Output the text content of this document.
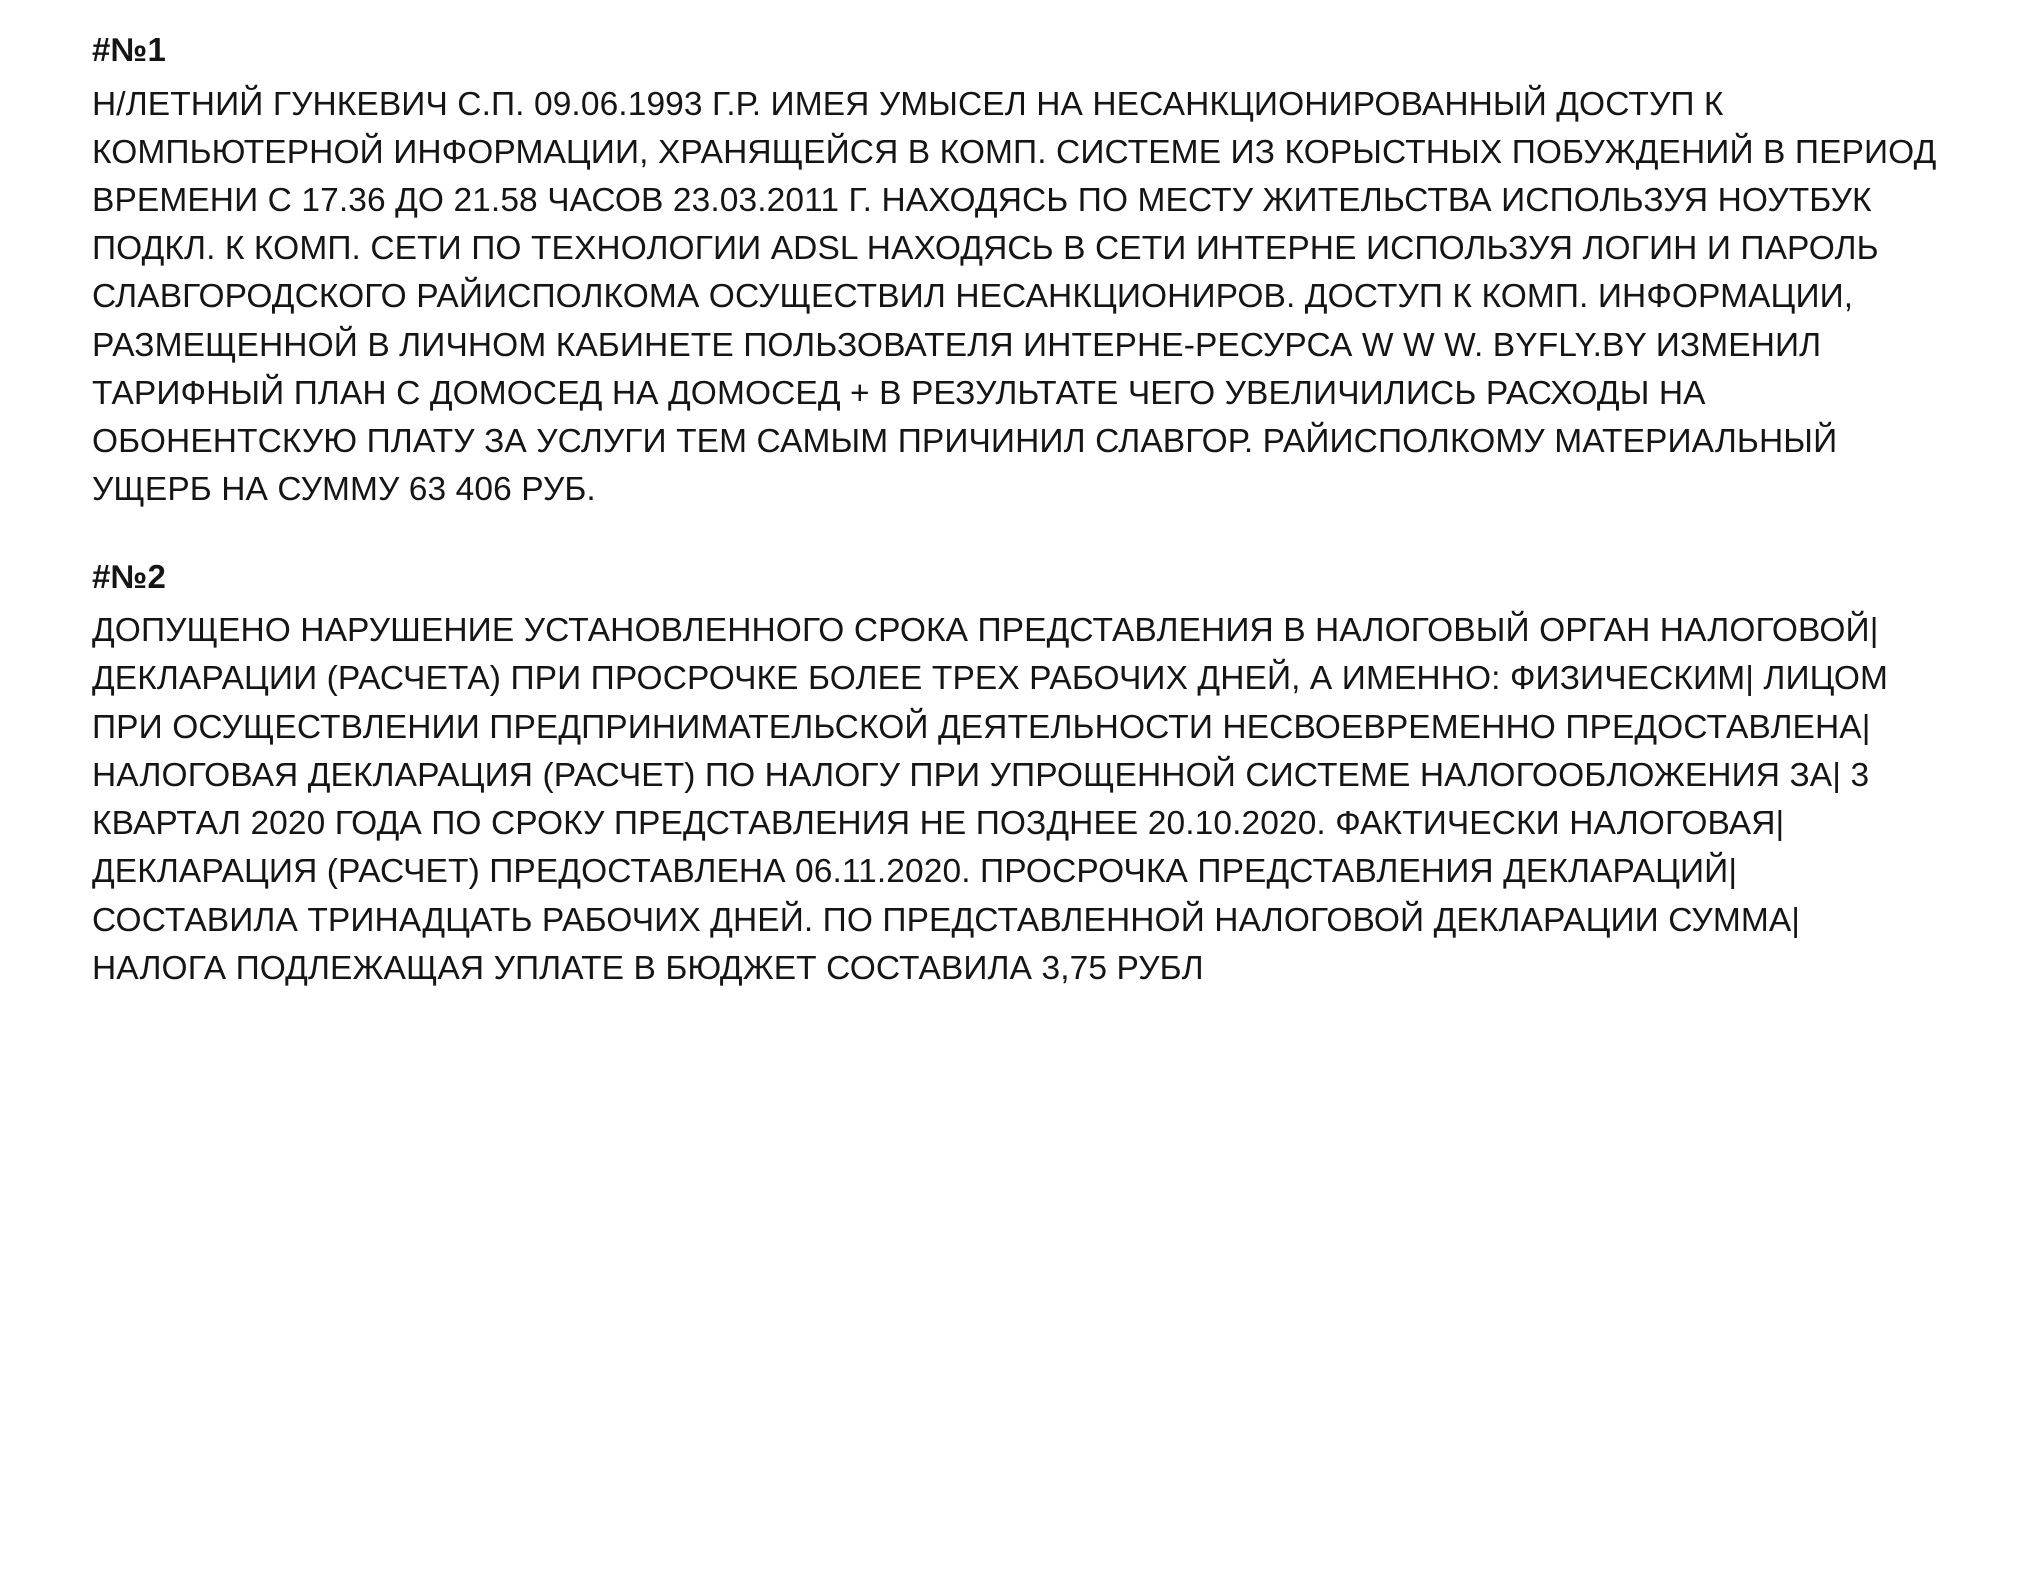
#№1

Н/ЛЕТНИЙ ГУНКЕВИЧ С.П. 09.06.1993 Г.Р. ИМЕЯ УМЫСЕЛ НА НЕСАНКЦИОНИРОВАННЫЙ ДОСТУП К КОМПЬЮТЕРНОЙ ИНФОРМАЦИИ, ХРАНЯЩЕЙСЯ В КОМП. СИСТЕМЕ ИЗ КОРЫСТНЫХ ПОБУЖДЕНИЙ В ПЕРИОД ВРЕМЕНИ С 17.36 ДО 21.58 ЧАСОВ 23.03.2011 Г. НАХОДЯСЬ ПО МЕСТУ ЖИТЕЛЬСТВА ИСПОЛЬЗУЯ НОУТБУК ПОДКЛ. К КОМП. СЕТИ ПО ТЕХНОЛОГИИ ADSL НАХОДЯСЬ В СЕТИ ИНТЕРНЕ ИСПОЛЬЗУЯ ЛОГИН И ПАРОЛЬ СЛАВГОРОДСКОГО РАЙИСПОЛКОМА ОСУЩЕСТВИЛ НЕСАНКЦИОНИРОВ. ДОСТУП К КОМП. ИНФОРМАЦИИ, РАЗМЕЩЕННОЙ В ЛИЧНОМ КАБИНЕТЕ ПОЛЬЗОВАТЕЛЯ ИНТЕРНЕ-РЕСУРСА W W W. BYFLY.BY ИЗМЕНИЛ ТАРИФНЫЙ ПЛАН С ДОМОСЕД НА ДОМОСЕД + В РЕЗУЛЬТАТЕ ЧЕГО УВЕЛИЧИЛИСЬ РАСХОДЫ НА ОБОНЕНТСКУЮ ПЛАТУ ЗА УСЛУГИ ТЕМ САМЫМ ПРИЧИНИЛ СЛАВГОР. РАЙИСПОЛКОМУ МАТЕРИАЛЬНЫЙ УЩЕРБ НА СУММУ 63 406 РУБ.

#№2

ДОПУЩЕНО НАРУШЕНИЕ УСТАНОВЛЕННОГО СРОКА ПРЕДСТАВЛЕНИЯ В НАЛОГОВЫЙ ОРГАН НАЛОГОВОЙ| ДЕКЛАРАЦИИ (РАСЧЕТА) ПРИ ПРОСРОЧКЕ БОЛЕЕ ТРЕХ РАБОЧИХ ДНЕЙ, А ИМЕННО: ФИЗИЧЕСКИМ| ЛИЦОМ ПРИ ОСУЩЕСТВЛЕНИИ ПРЕДПРИНИМАТЕЛЬСКОЙ ДЕЯТЕЛЬНОСТИ НЕСВОЕВРЕМЕННО ПРЕДОСТАВЛЕНА| НАЛОГОВАЯ ДЕКЛАРАЦИЯ (РАСЧЕТ) ПО НАЛОГУ ПРИ УПРОЩЕННОЙ СИСТЕМЕ НАЛОГООБЛОЖЕНИЯ ЗА| 3 КВАРТАЛ 2020 ГОДА ПО СРОКУ ПРЕДСТАВЛЕНИЯ НЕ ПОЗДНЕЕ 20.10.2020. ФАКТИЧЕСКИ НАЛОГОВАЯ| ДЕКЛАРАЦИЯ (РАСЧЕТ) ПРЕДОСТАВЛЕНА 06.11.2020. ПРОСРОЧКА ПРЕДСТАВЛЕНИЯ ДЕКЛАРАЦИЙ| СОСТАВИЛА ТРИНАДЦАТЬ РАБОЧИХ ДНЕЙ. ПО ПРЕДСТАВЛЕННОЙ НАЛОГОВОЙ ДЕКЛАРАЦИИ СУММА| НАЛОГА ПОДЛЕЖАЩАЯ УПЛАТЕ В БЮДЖЕТ СОСТАВИЛА 3,75 РУБЛ
